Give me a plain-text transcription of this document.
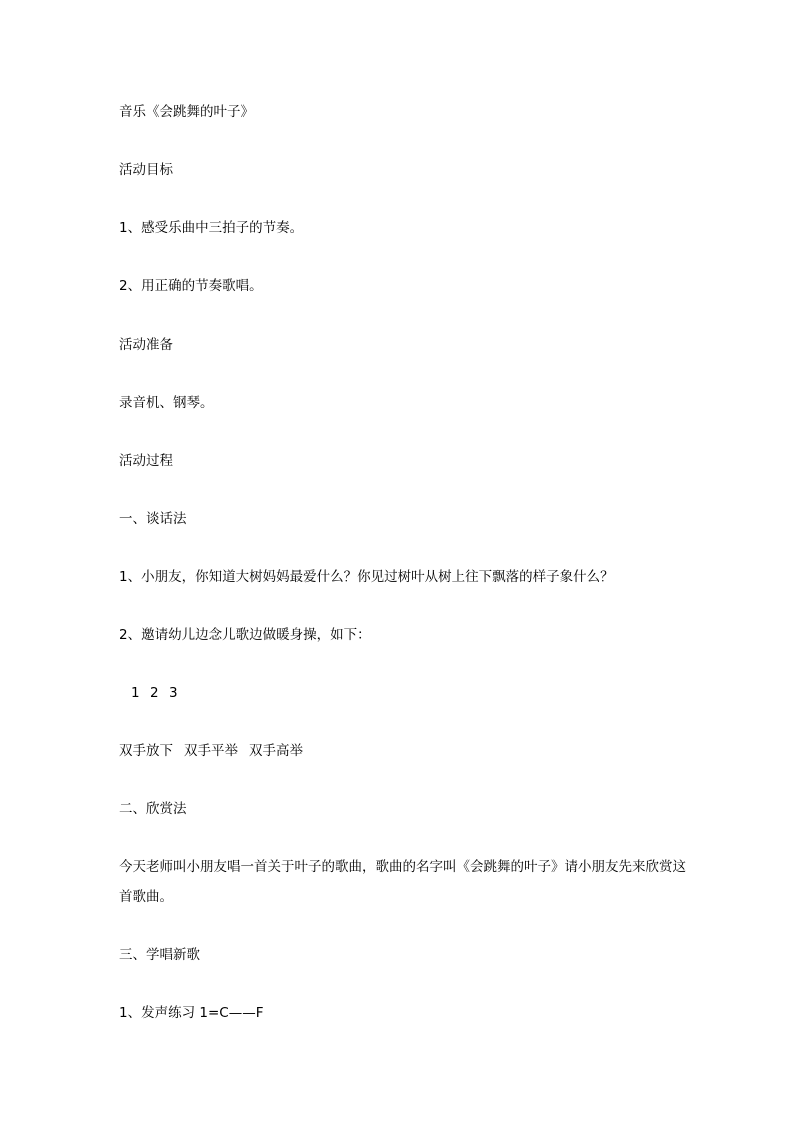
音乐《会跳舞的叶子》
活动目标
1、感受乐曲中三拍子的节奏。
2、用正确的节奏歌唱。
活动准备
录音机、钢琴。
活动过程
一、谈话法
1、小朋友，你知道大树妈妈最爱什么？你见过树叶从树上往下飘落的样子象什么？
2、邀请幼儿边念儿歌边做暖身操，如下：
1 2 3
双手放下 双手平举 双手高举
二、欣赏法
今天老师叫小朋友唱一首关于叶子的歌曲，歌曲的名字叫《会跳舞的叶子》请小朋友先来欣赏这首歌曲。
三、学唱新歌
1、发声练习 1=C——F
